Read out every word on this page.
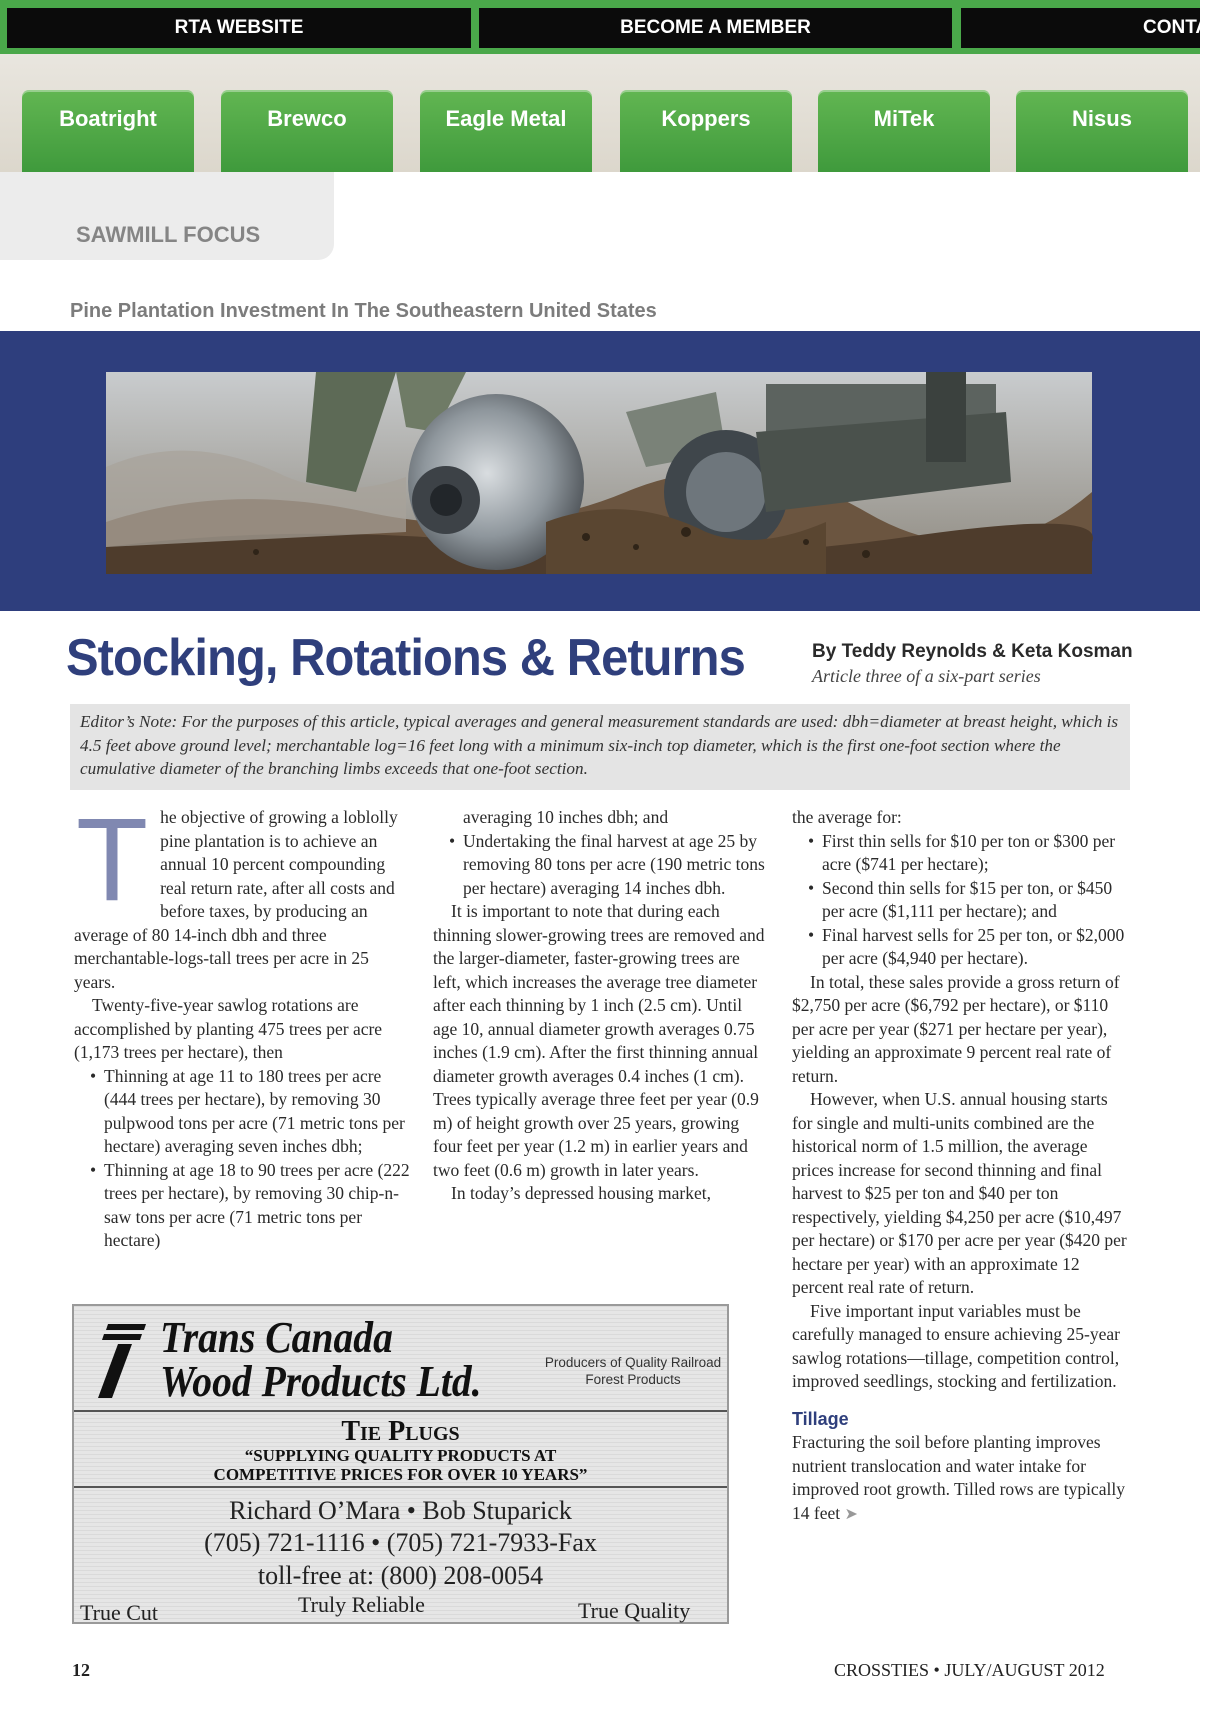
RTA WEBSITE	BECOME A MEMBER	CONTA
Boatright	Brewco	Eagle Metal	Koppers	MiTek	Nisus
SAWMILL FOCUS
Pine Plantation Investment In The Southeastern United States
Stocking, Rotations & Returns	By Teddy Reynolds & Keta Kosman
Article three of a six-part series
Editor’s Note: For the purposes of this article, typical averages and general measurement standards are used: dbh=diameter at breast height, which is 4.5 feet above ground level; merchantable log=16 feet long with a minimum six-inch top diameter, which is the first one-foot section where the cumulative diameter of the branching limbs exceeds that one-foot section.

The objective of growing a loblolly pine plantation is to achieve an annual 10 percent compounding real return rate, after all costs and before taxes, by producing an average of 80 14-inch dbh and three merchantable-logs-tall trees per acre in 25 years.

Twenty-five-year sawlog rotations are accomplished by planting 475 trees per acre (1,173 trees per hectare), then

• Thinning at age 11 to 180 trees per acre (444 trees per hectare), by removing 30 pulpwood tons per acre (71 metric tons per hectare) averaging seven inches dbh;

• Thinning at age 18 to 90 trees per acre (222 trees per hectare), by removing 30 chip-n-saw tons per acre (71 metric tons per hectare)

averaging 10 inches dbh; and

• Undertaking the final harvest at age 25 by removing 80 tons per acre (190 metric tons per hectare) averaging 14 inches dbh.

It is important to note that during each thinning slower-growing trees are removed and the larger-diameter, faster-growing trees are left, which increases the average tree diameter after each thinning by 1 inch (2.5 cm). Until age 10, annual diameter growth averages 0.75 inches (1.9 cm). After the first thinning annual diameter growth averages 0.4 inches (1 cm). Trees typically average three feet per year (0.9 m) of height growth over 25 years, growing four feet per year (1.2 m) in earlier years and two feet (0.6 m) growth in later years.

In today’s depressed housing market,

the average for:

• First thin sells for $10 per ton or $300 per acre ($741 per hectare);

• Second thin sells for $15 per ton, or $450 per acre ($1,111 per hectare); and

• Final harvest sells for 25 per ton, or $2,000 per acre ($4,940 per hectare).

In total, these sales provide a gross return of $2,750 per acre ($6,792 per hectare), or $110 per acre per year ($271 per hectare per year), yielding an approximate 9 percent real rate of return.

However, when U.S. annual housing starts for single and multi-units combined are the historical norm of 1.5 million, the average prices increase for second thinning and final harvest to $25 per ton and $40 per ton respectively, yielding $4,250 per acre ($10,497 per hectare) or $170 per acre per year ($420 per hectare per year) with an approximate 12 percent real rate of return.

Five important input variables must be carefully managed to ensure achieving 25-year sawlog rotations—tillage, competition control, improved seedlings, stocking and fertilization.

Tillage

Fracturing the soil before planting improves nutrient translocation and water intake for improved root growth. Tilled rows are typically 14 feet ➤

Trans Canada
Wood Products Ltd.	Producers of Quality Railroad
Forest Products
Tie Plugs
“SUPPLYING QUALITY PRODUCTS AT
COMPETITIVE PRICES FOR OVER 10 YEARS”
Richard O’Mara • Bob Stuparick
(705) 721-1116 • (705) 721-7933-Fax
toll-free at: (800) 208-0054
Truly Reliable
True Cut	True Quality
12	CROSSTIES • JULY/AUGUST 2012
